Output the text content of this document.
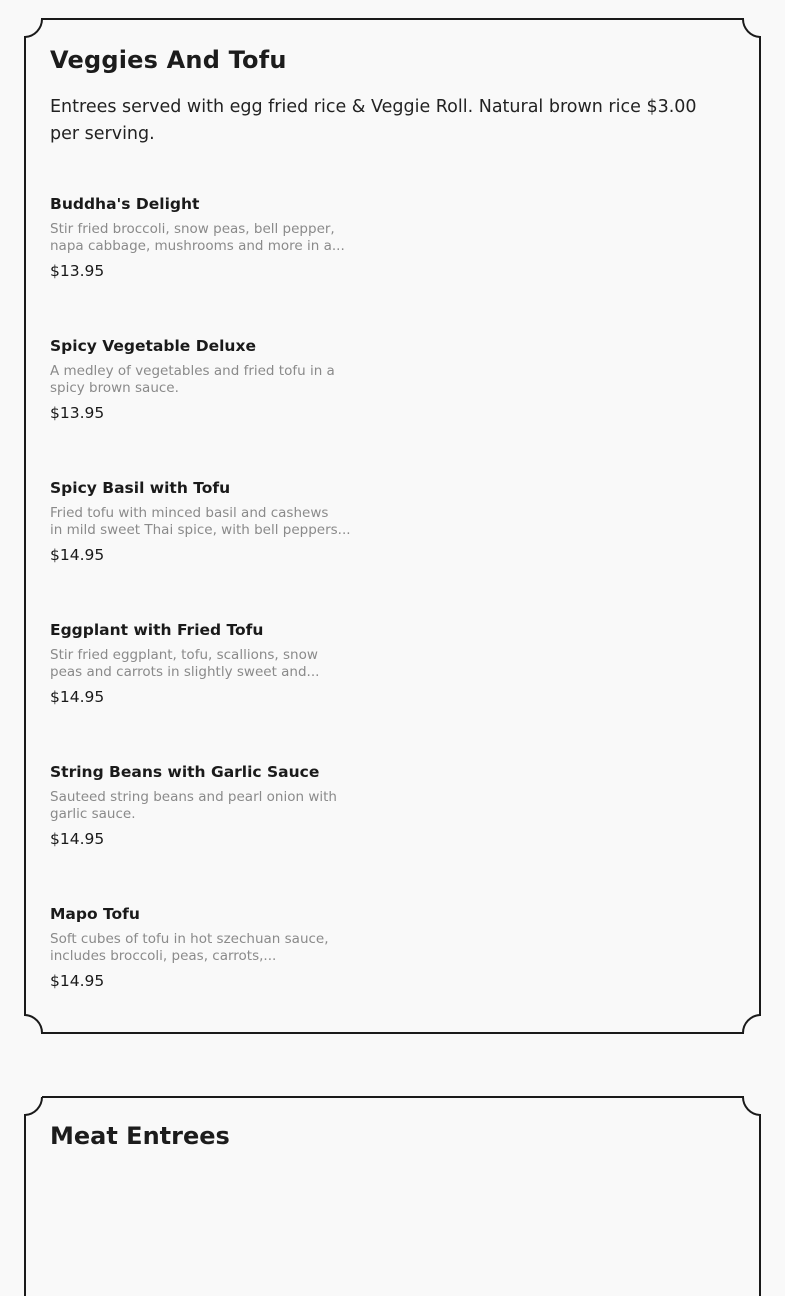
Veggies And Tofu

Entrees served with egg fried rice & Veggie Roll. Natural brown rice $3.00 per serving.

Buddha's Delight
Stir fried broccoli, snow peas, bell pepper,
napa cabbage, mushrooms and more in a...
$13.95
Spicy Vegetable Deluxe
A medley of vegetables and fried tofu in a
spicy brown sauce.
$13.95
Spicy Basil with Tofu
Fried tofu with minced basil and cashews
in mild sweet Thai spice, with bell peppers...
$14.95
Eggplant with Fried Tofu
Stir fried eggplant, tofu, scallions, snow
peas and carrots in slightly sweet and...
$14.95
String Beans with Garlic Sauce
Sauteed string beans and pearl onion with
garlic sauce.
$14.95
Mapo Tofu
Soft cubes of tofu in hot szechuan sauce,
includes broccoli, peas, carrots,...
$14.95
Meat Entrees
